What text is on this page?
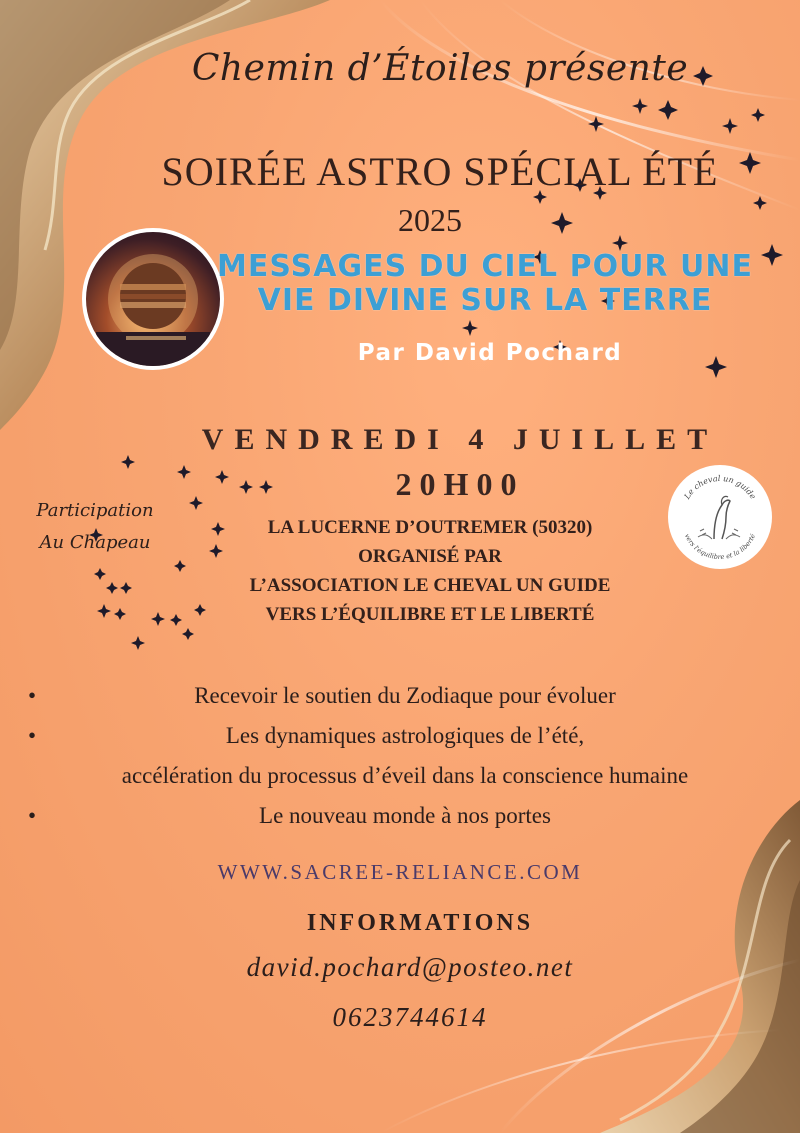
Chemin d’Étoiles présente
SOIRÉE ASTRO SPÉCIAL ÉTÉ
2025
MESSAGES DU CIEL POUR UNE
VIE DIVINE SUR LA TERRE
Par David Pochard
VENDREDI 4 JUILLET
20H00
LA LUCERNE D’OUTREMER (50320)
ORGANISÉ PAR
L’ASSOCIATION LE CHEVAL UN GUIDE
VERS L’ÉQUILIBRE ET LE LIBERTÉ
Participation
Au Chapeau
Le cheval un guide
vers l'équilibre et la liberté
•	Recevoir le soutien du Zodiaque pour évoluer
•	Les dynamiques astrologiques de l’été,
accélération du processus d’éveil dans la conscience humaine
•	Le nouveau monde à nos portes
WWW.SACREE-RELIANCE.COM
INFORMATIONS
david.pochard@posteo.net
0623744614
